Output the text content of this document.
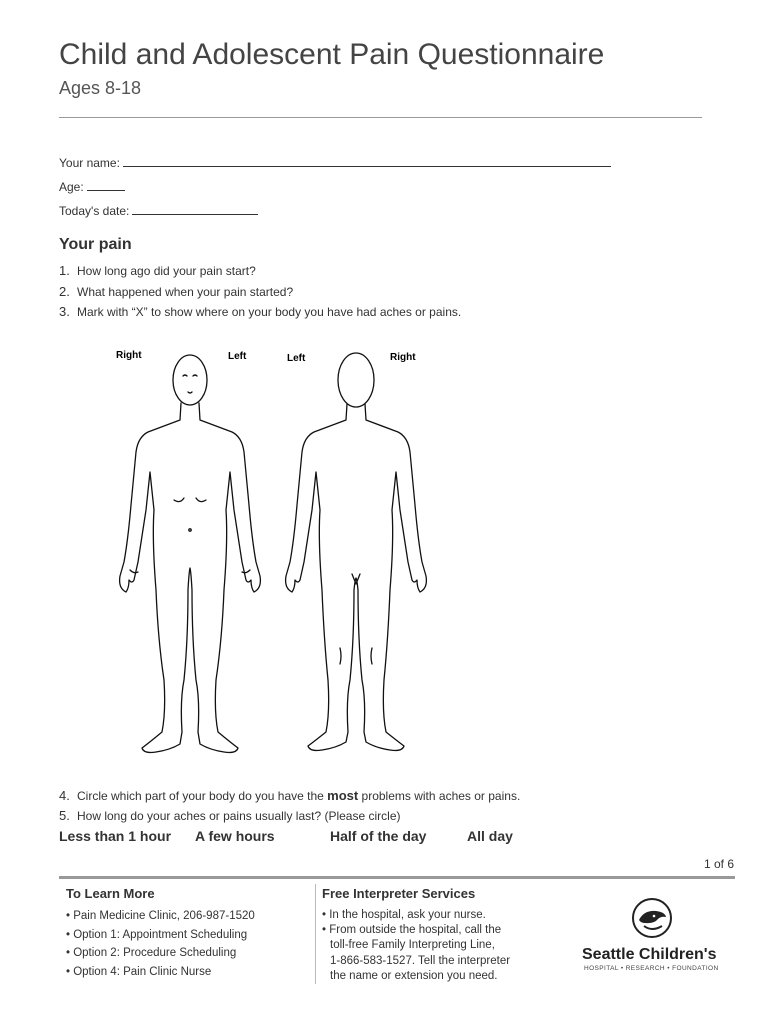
Child and Adolescent Pain Questionnaire
Ages 8-18
Your name:
Age:
Today's date:
Your pain
1. How long ago did your pain start?
2. What happened when your pain started?
3. Mark with “X” to show where on your body you have had aches or pains.
Right	Left	Left	Right
4. Circle which part of your body do you have the most problems with aches or pains.
5. How long do your aches or pains usually last? (Please circle)
Less than 1 hour A few hours	Half of the day	All day
1 of 6
To Learn More
• Pain Medicine Clinic, 206-987-1520
• Option 1: Appointment Scheduling
• Option 2: Procedure Scheduling
• Option 4: Pain Clinic Nurse
Free Interpreter Services
• In the hospital, ask your nurse.
• From outside the hospital, call the
toll-free Family Interpreting Line,
1-866-583-1527. Tell the interpreter
the name or extension you need.
Seattle Children's
HOSPITAL • RESEARCH • FOUNDATION
